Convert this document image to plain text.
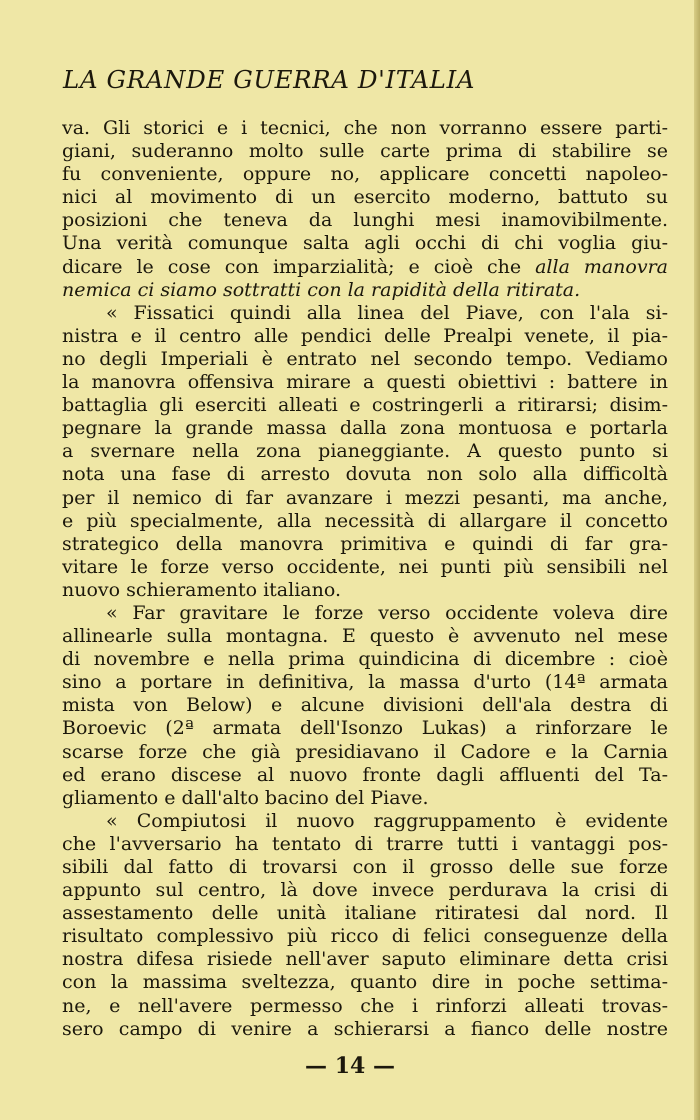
LA GRANDE GUERRA D'ITALIA
va. Gli storici e i tecnici, che non vorranno essere parti-
giani, suderanno molto sulle carte prima di stabilire se
fu conveniente, oppure no, applicare concetti napoleo-
nici al movimento di un esercito moderno, battuto su
posizioni che teneva da lunghi mesi inamovibilmente.
Una verità comunque salta agli occhi di chi voglia giu-
dicare le cose con imparzialità; e cioè che alla manovra
nemica ci siamo sottratti con la rapidità della ritirata.
« Fissatici quindi alla linea del Piave, con l'ala si-
nistra e il centro alle pendici delle Prealpi venete, il pia-
no degli Imperiali è entrato nel secondo tempo. Vediamo
la manovra offensiva mirare a questi obiettivi : battere in
battaglia gli eserciti alleati e costringerli a ritirarsi; disim-
pegnare la grande massa dalla zona montuosa e portarla
a svernare nella zona pianeggiante. A questo punto si
nota una fase di arresto dovuta non solo alla difficoltà
per il nemico di far avanzare i mezzi pesanti, ma anche,
e più specialmente, alla necessità di allargare il concetto
strategico della manovra primitiva e quindi di far gra-
vitare le forze verso occidente, nei punti più sensibili nel
nuovo schieramento italiano.
« Far gravitare le forze verso occidente voleva dire
allinearle sulla montagna. E questo è avvenuto nel mese
di novembre e nella prima quindicina di dicembre : cioè
sino a portare in definitiva, la massa d'urto (14ª armata
mista von Below) e alcune divisioni dell'ala destra di
Boroevic (2ª armata dell'Isonzo Lukas) a rinforzare le
scarse forze che già presidiavano il Cadore e la Carnia
ed erano discese al nuovo fronte dagli affluenti del Ta-
gliamento e dall'alto bacino del Piave.
« Compiutosi il nuovo raggruppamento è evidente
che l'avversario ha tentato di trarre tutti i vantaggi pos-
sibili dal fatto di trovarsi con il grosso delle sue forze
appunto sul centro, là dove invece perdurava la crisi di
assestamento delle unità italiane ritiratesi dal nord. Il
risultato complessivo più ricco di felici conseguenze della
nostra difesa risiede nell'aver saputo eliminare detta crisi
con la massima sveltezza, quanto dire in poche settima-
ne, e nell'avere permesso che i rinforzi alleati trovas-
sero campo di venire a schierarsi a fianco delle nostre
— 14 —
